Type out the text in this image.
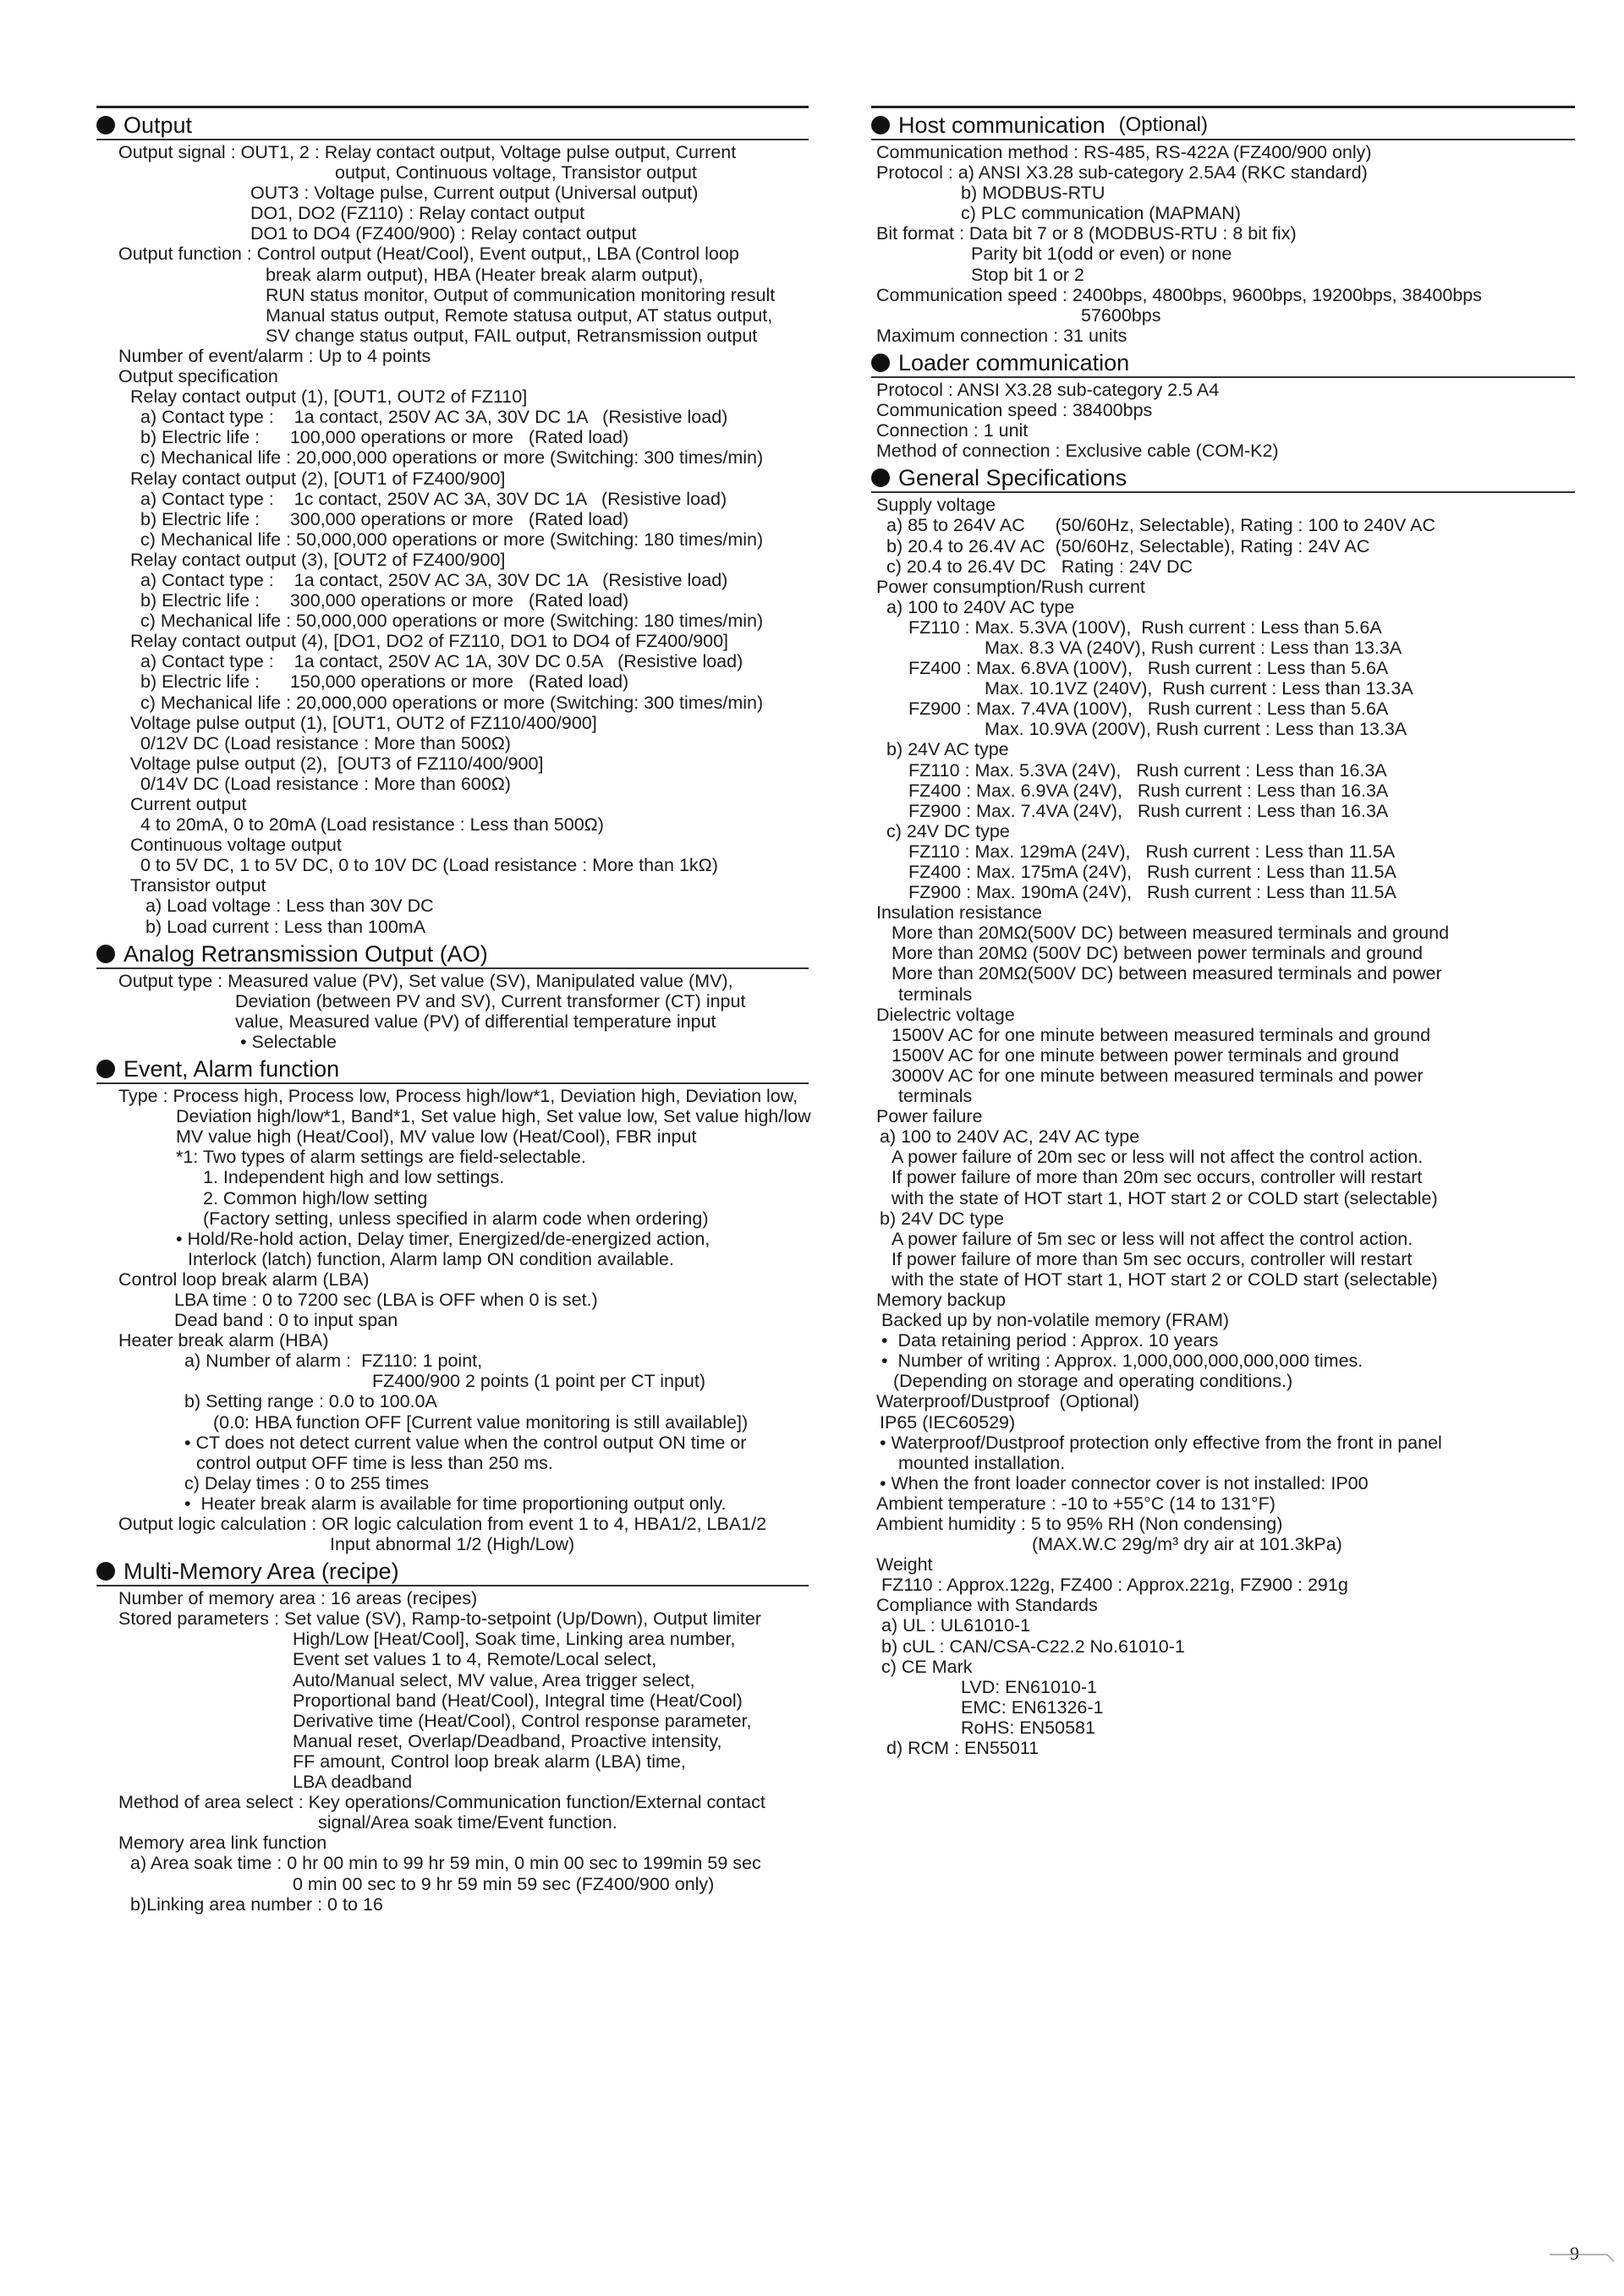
Output
Output signal : OUT1, 2 : Relay contact output, Voltage pulse output, Current
output, Continuous voltage, Transistor output
OUT3 : Voltage pulse, Current output (Universal output)
DO1, DO2 (FZ110) : Relay contact output
DO1 to DO4 (FZ400/900) : Relay contact output
Output function : Control output (Heat/Cool), Event output,, LBA (Control loop
break alarm output), HBA (Heater break alarm output),
RUN status monitor, Output of communication monitoring result
Manual status output, Remote statusa output, AT status output,
SV change status output, FAIL output, Retransmission output
Number of event/alarm : Up to 4 points
Output specification
Relay contact output (1), [OUT1, OUT2 of FZ110]
a) Contact type :    1a contact, 250V AC 3A, 30V DC 1A   (Resistive load)
b) Electric life :      100,000 operations or more   (Rated load)
c) Mechanical life : 20,000,000 operations or more (Switching: 300 times/min)
Relay contact output (2), [OUT1 of FZ400/900]
a) Contact type :    1c contact, 250V AC 3A, 30V DC 1A   (Resistive load)
b) Electric life :      300,000 operations or more   (Rated load)
c) Mechanical life : 50,000,000 operations or more (Switching: 180 times/min)
Relay contact output (3), [OUT2 of FZ400/900]
a) Contact type :    1a contact, 250V AC 3A, 30V DC 1A   (Resistive load)
b) Electric life :      300,000 operations or more   (Rated load)
c) Mechanical life : 50,000,000 operations or more (Switching: 180 times/min)
Relay contact output (4), [DO1, DO2 of FZ110, DO1 to DO4 of FZ400/900]
a) Contact type :    1a contact, 250V AC 1A, 30V DC 0.5A   (Resistive load)
b) Electric life :      150,000 operations or more   (Rated load)
c) Mechanical life : 20,000,000 operations or more (Switching: 300 times/min)
Voltage pulse output (1), [OUT1, OUT2 of FZ110/400/900]
0/12V DC (Load resistance : More than 500Ω)
Voltage pulse output (2),  [OUT3 of FZ110/400/900]
0/14V DC (Load resistance : More than 600Ω)
Current output
4 to 20mA, 0 to 20mA (Load resistance : Less than 500Ω)
Continuous voltage output
0 to 5V DC, 1 to 5V DC, 0 to 10V DC (Load resistance : More than 1kΩ)
Transistor output
a) Load voltage : Less than 30V DC
b) Load current : Less than 100mA
Analog Retransmission Output (AO)
Output type : Measured value (PV), Set value (SV), Manipulated value (MV),
Deviation (between PV and SV), Current transformer (CT) input
value, Measured value (PV) of differential temperature input
• Selectable
Event, Alarm function
Type : Process high, Process low, Process high/low*1, Deviation high, Deviation low,
Deviation high/low*1, Band*1, Set value high, Set value low, Set value high/low
MV value high (Heat/Cool), MV value low (Heat/Cool), FBR input
*1: Two types of alarm settings are field-selectable.
1. Independent high and low settings.
2. Common high/low setting
(Factory setting, unless specified in alarm code when ordering)
• Hold/Re-hold action, Delay timer, Energized/de-energized action,
Interlock (latch) function, Alarm lamp ON condition available.
Control loop break alarm (LBA)
LBA time : 0 to 7200 sec (LBA is OFF when 0 is set.)
Dead band : 0 to input span
Heater break alarm (HBA)
a) Number of alarm :  FZ110: 1 point,
FZ400/900 2 points (1 point per CT input)
b) Setting range : 0.0 to 100.0A
(0.0: HBA function OFF [Current value monitoring is still available])
• CT does not detect current value when the control output ON time or
control output OFF time is less than 250 ms.
c) Delay times : 0 to 255 times
•  Heater break alarm is available for time proportioning output only.
Output logic calculation : OR logic calculation from event 1 to 4, HBA1/2, LBA1/2
Input abnormal 1/2 (High/Low)
Multi-Memory Area (recipe)
Number of memory area : 16 areas (recipes)
Stored parameters : Set value (SV), Ramp-to-setpoint (Up/Down), Output limiter
High/Low [Heat/Cool], Soak time, Linking area number,
Event set values 1 to 4, Remote/Local select,
Auto/Manual select, MV value, Area trigger select,
Proportional band (Heat/Cool), Integral time (Heat/Cool)
Derivative time (Heat/Cool), Control response parameter,
Manual reset, Overlap/Deadband, Proactive intensity,
FF amount, Control loop break alarm (LBA) time,
LBA deadband
Method of area select : Key operations/Communication function/External contact
signal/Area soak time/Event function.
Memory area link function
a) Area soak time : 0 hr 00 min to 99 hr 59 min, 0 min 00 sec to 199min 59 sec
0 min 00 sec to 9 hr 59 min 59 sec (FZ400/900 only)
b)Linking area number : 0 to 16
Host communication (Optional)
Communication method : RS-485, RS-422A (FZ400/900 only)
Protocol : a) ANSI X3.28 sub-category 2.5A4 (RKC standard)
b) MODBUS-RTU
c) PLC communication (MAPMAN)
Bit format : Data bit 7 or 8 (MODBUS-RTU : 8 bit fix)
Parity bit 1(odd or even) or none
Stop bit 1 or 2
Communication speed : 2400bps, 4800bps, 9600bps, 19200bps, 38400bps
57600bps
Maximum connection : 31 units
Loader communication
Protocol : ANSI X3.28 sub-category 2.5 A4
Communication speed : 38400bps
Connection : 1 unit
Method of connection : Exclusive cable (COM-K2)
General Specifications
Supply voltage
a) 85 to 264V AC      (50/60Hz, Selectable), Rating : 100 to 240V AC
b) 20.4 to 26.4V AC  (50/60Hz, Selectable), Rating : 24V AC
c) 20.4 to 26.4V DC   Rating : 24V DC
Power consumption/Rush current
a) 100 to 240V AC type
FZ110 : Max. 5.3VA (100V),  Rush current : Less than 5.6A
Max. 8.3 VA (240V), Rush current : Less than 13.3A
FZ400 : Max. 6.8VA (100V),   Rush current : Less than 5.6A
Max. 10.1VZ (240V),  Rush current : Less than 13.3A
FZ900 : Max. 7.4VA (100V),   Rush current : Less than 5.6A
Max. 10.9VA (200V), Rush current : Less than 13.3A
b) 24V AC type
FZ110 : Max. 5.3VA (24V),   Rush current : Less than 16.3A
FZ400 : Max. 6.9VA (24V),   Rush current : Less than 16.3A
FZ900 : Max. 7.4VA (24V),   Rush current : Less than 16.3A
c) 24V DC type
FZ110 : Max. 129mA (24V),   Rush current : Less than 11.5A
FZ400 : Max. 175mA (24V),   Rush current : Less than 11.5A
FZ900 : Max. 190mA (24V),   Rush current : Less than 11.5A
Insulation resistance
More than 20MΩ(500V DC) between measured terminals and ground
More than 20MΩ (500V DC) between power terminals and ground
More than 20MΩ(500V DC) between measured terminals and power
terminals
Dielectric voltage
1500V AC for one minute between measured terminals and ground
1500V AC for one minute between power terminals and ground
3000V AC for one minute between measured terminals and power
terminals
Power failure
a) 100 to 240V AC, 24V AC type
A power failure of 20m sec or less will not affect the control action.
If power failure of more than 20m sec occurs, controller will restart
with the state of HOT start 1, HOT start 2 or COLD start (selectable)
b) 24V DC type
A power failure of 5m sec or less will not affect the control action.
If power failure of more than 5m sec occurs, controller will restart
with the state of HOT start 1, HOT start 2 or COLD start (selectable)
Memory backup
Backed up by non-volatile memory (FRAM)
•  Data retaining period : Approx. 10 years
•  Number of writing : Approx. 1,000,000,000,000,000 times.
(Depending on storage and operating conditions.)
Waterproof/Dustproof  (Optional)
IP65 (IEC60529)
• Waterproof/Dustproof protection only effective from the front in panel
mounted installation.
• When the front loader connector cover is not installed: IP00
Ambient temperature : -10 to +55°C (14 to 131°F)
Ambient humidity : 5 to 95% RH (Non condensing)
(MAX.W.C 29g/m³ dry air at 101.3kPa)
Weight
FZ110 : Approx.122g, FZ400 : Approx.221g, FZ900 : 291g
Compliance with Standards
a) UL : UL61010-1
b) cUL : CAN/CSA-C22.2 No.61010-1
c) CE Mark
LVD: EN61010-1
EMC: EN61326-1
RoHS: EN50581
d) RCM : EN55011
9
